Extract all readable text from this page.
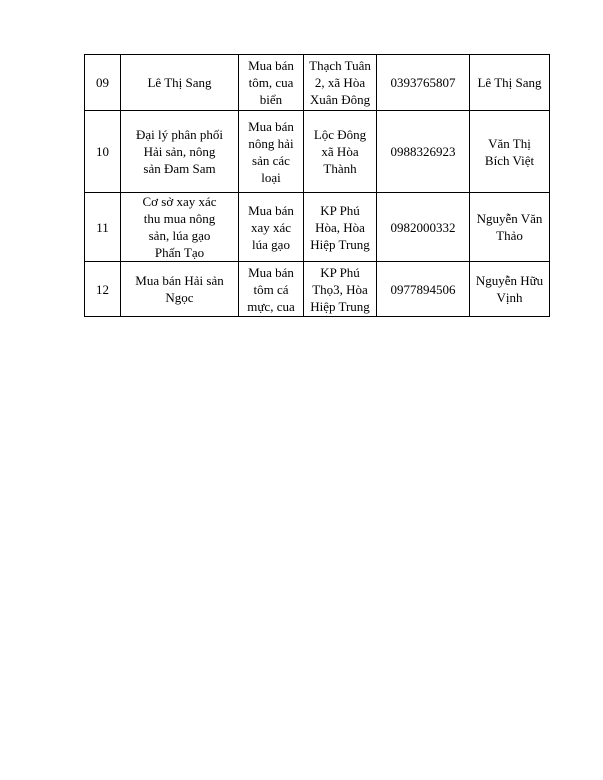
09	Lê Thị Sang	Mua bán
tôm, cua
biển	Thạch Tuân
2, xã Hòa
Xuân Đông	0393765807	Lê Thị Sang

10	Đại lý phân phối
Hải sản, nông
sản Đam Sam	Mua bán
nông hải
sản các
loại	Lộc Đông
xã Hòa
Thành	0988326923	Văn Thị
Bích Việt

11	Cơ sở xay xác
thu mua nông
sản, lúa gạo
Phấn Tạo	Mua bán
xay xác
lúa gạo	KP Phú
Hòa, Hòa
Hiệp Trung	0982000332	Nguyễn Văn
Thảo

12	Mua bán Hải sản
Ngọc	Mua bán
tôm cá
mực, cua	KP Phú
Thọ3, Hòa
Hiệp Trung	0977894506	Nguyễn Hữu
Vịnh
